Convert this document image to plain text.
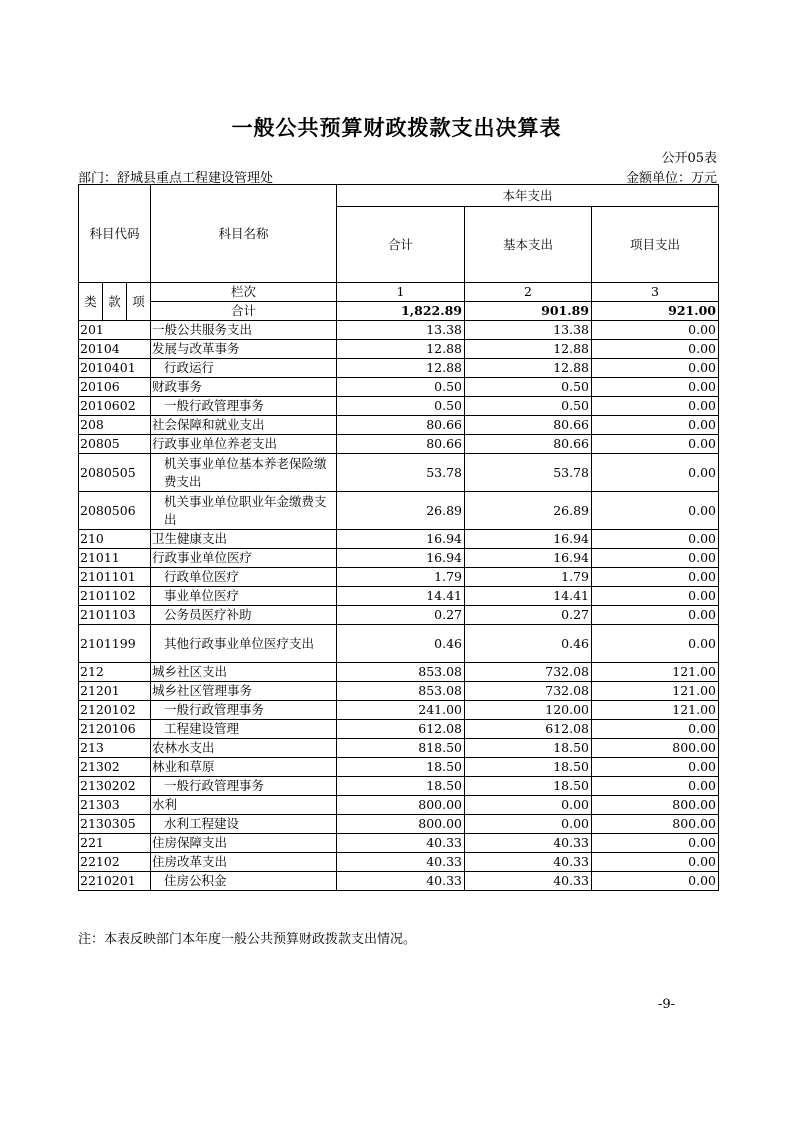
一般公共预算财政拨款支出决算表
公开05表
部门：舒城县重点工程建设管理处	金额单位：万元
科目代码			科目名称	本年支出		
				合计	基本支出	项目支出

类	款	项	栏次	1	2	3
			合计	1,822.89	901.89	921.00
201			一般公共服务支出	13.38	13.38	0.00
20104			发展与改革事务	12.88	12.88	0.00
2010401			行政运行	12.88	12.88	0.00
20106			财政事务	0.50	0.50	0.00
2010602			一般行政管理事务	0.50	0.50	0.00
208			社会保障和就业支出	80.66	80.66	0.00
20805			行政事业单位养老支出	80.66	80.66	0.00
2080505			机关事业单位基本养老保险缴费支出	53.78	53.78	0.00
2080506			机关事业单位职业年金缴费支出	26.89	26.89	0.00
210			卫生健康支出	16.94	16.94	0.00
21011			行政事业单位医疗	16.94	16.94	0.00
2101101			行政单位医疗	1.79	1.79	0.00
2101102			事业单位医疗	14.41	14.41	0.00
2101103			公务员医疗补助	0.27	0.27	0.00
2101199			其他行政事业单位医疗支出	0.46	0.46	0.00
212			城乡社区支出	853.08	732.08	121.00
21201			城乡社区管理事务	853.08	732.08	121.00
2120102			一般行政管理事务	241.00	120.00	121.00
2120106			工程建设管理	612.08	612.08	0.00
213			农林水支出	818.50	18.50	800.00
21302			林业和草原	18.50	18.50	0.00
2130202			一般行政管理事务	18.50	18.50	0.00
21303			水利	800.00	0.00	800.00
2130305			水利工程建设	800.00	0.00	800.00
221			住房保障支出	40.33	40.33	0.00
22102			住房改革支出	40.33	40.33	0.00
2210201			住房公积金	40.33	40.33	0.00
注：本表反映部门本年度一般公共预算财政拨款支出情况。
-9-
